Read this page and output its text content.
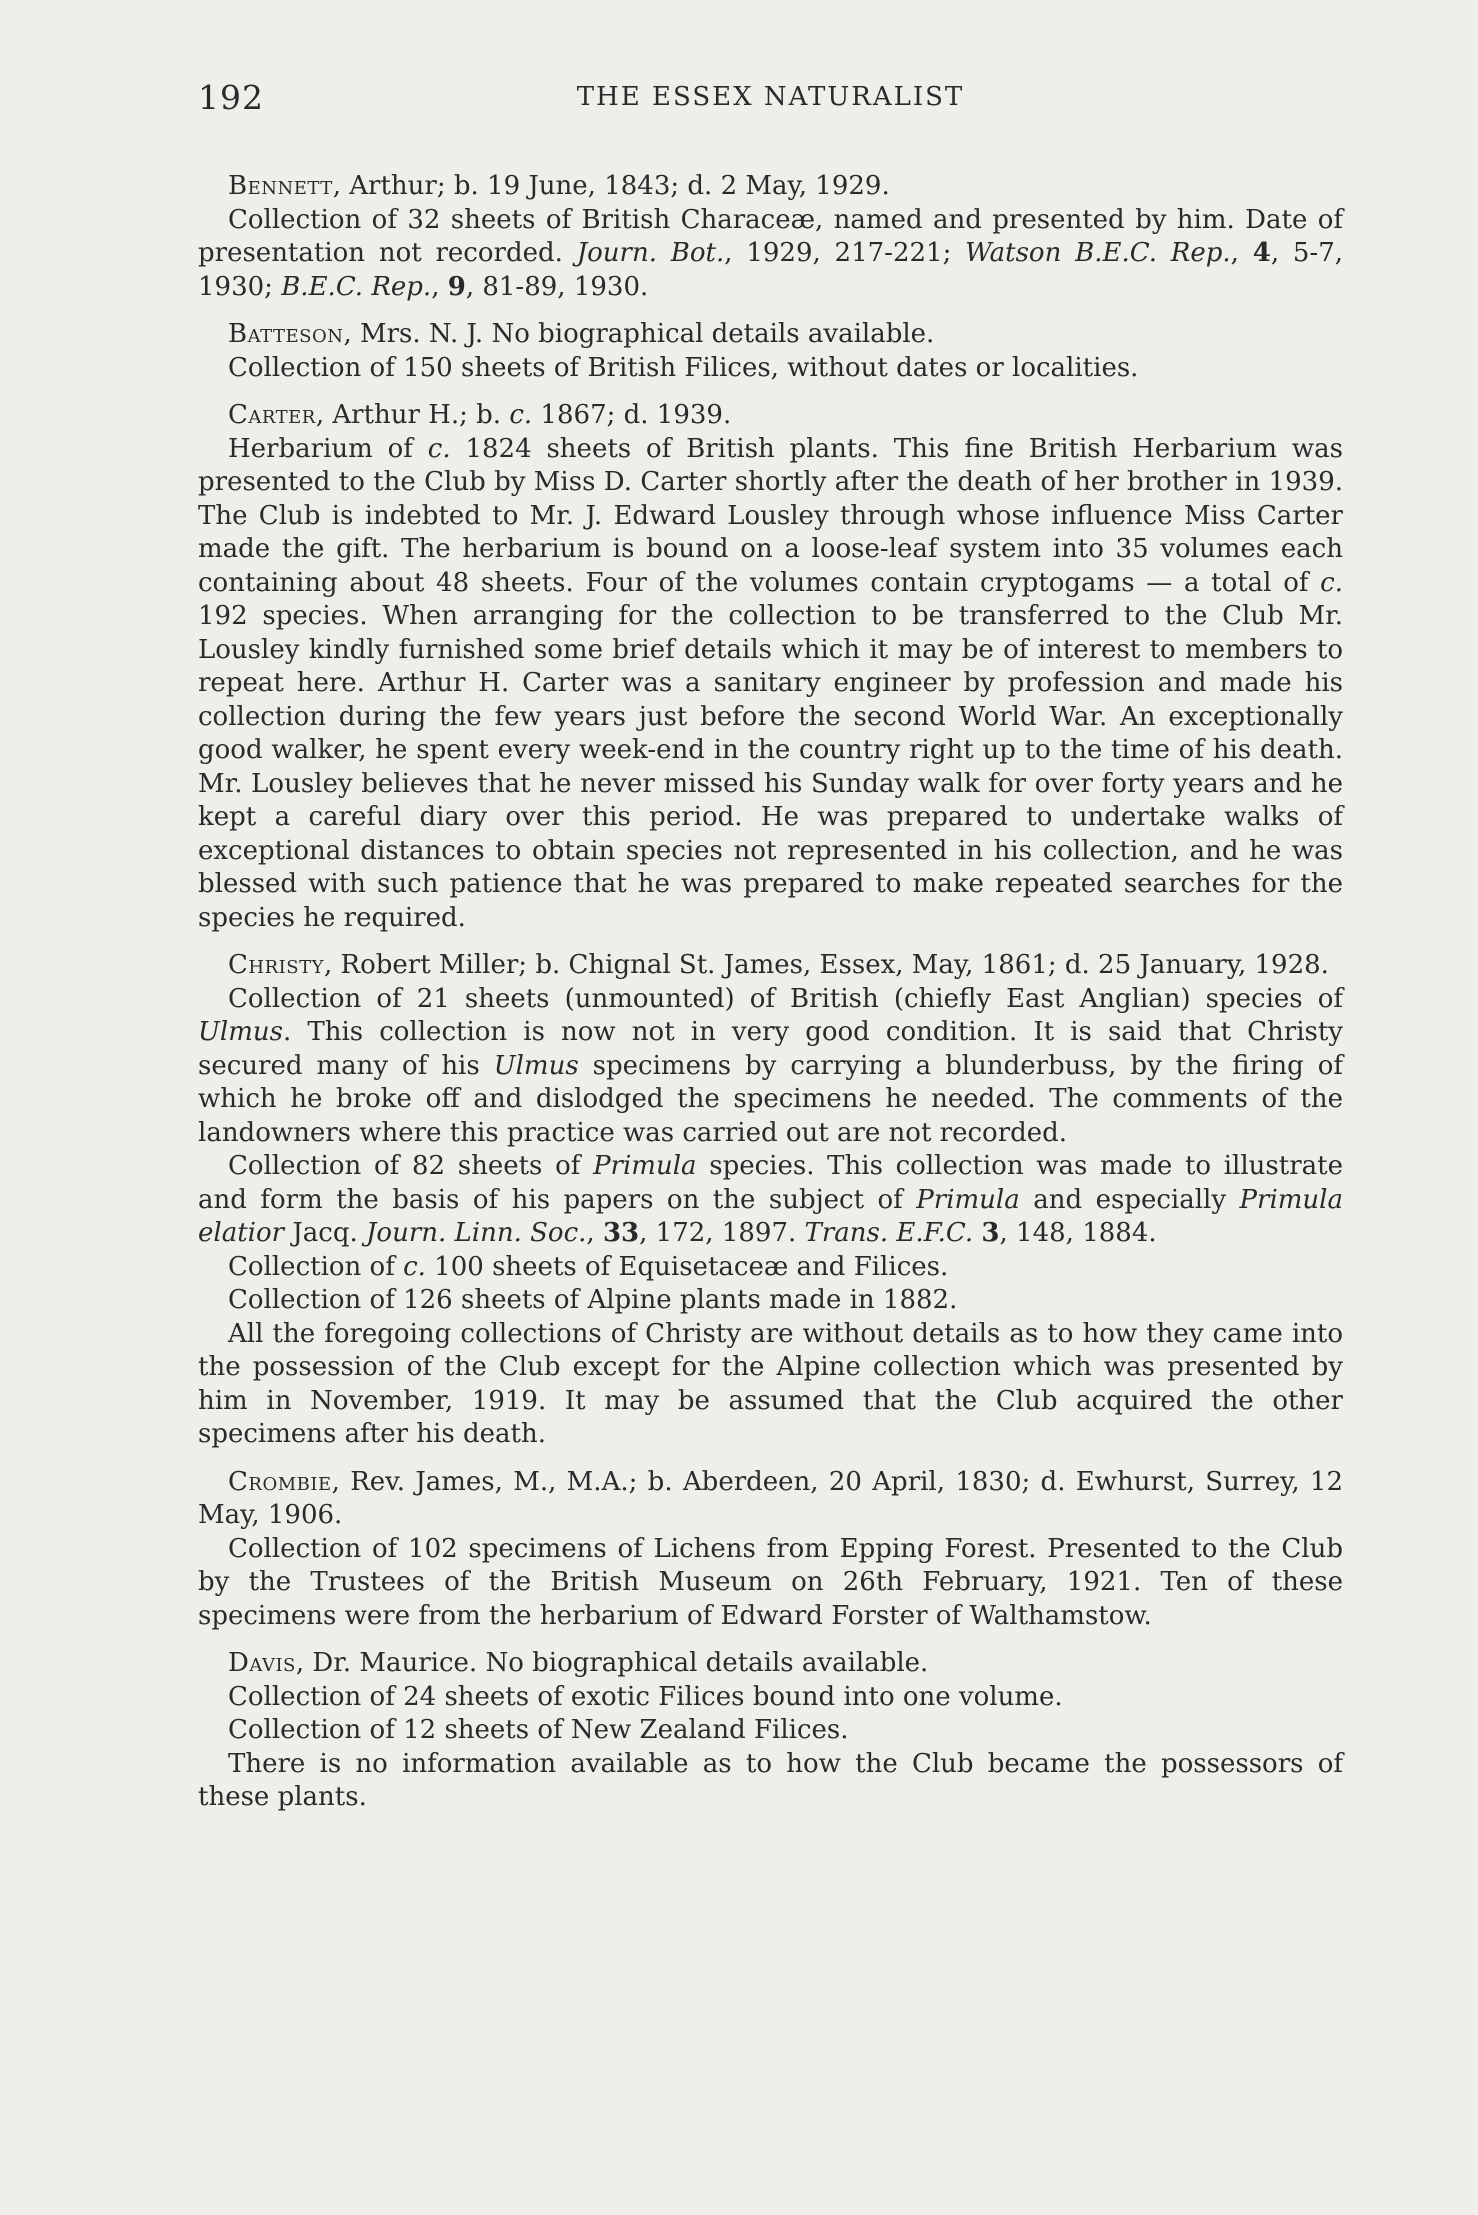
192	THE ESSEX NATURALIST

Bennett, Arthur; b. 19 June, 1843; d. 2 May, 1929.

Collection of 32 sheets of British Characeæ, named and presented by him. Date of presentation not recorded. Journ. Bot., 1929, 217-221; Watson B.E.C. Rep., 4, 5-7, 1930; B.E.C. Rep., 9, 81-89, 1930.

Batteson, Mrs. N. J. No biographical details available.

Collection of 150 sheets of British Filices, without dates or localities.

Carter, Arthur H.; b. c. 1867; d. 1939.

Herbarium of c. 1824 sheets of British plants. This fine British Herbarium was presented to the Club by Miss D. Carter shortly after the death of her brother in 1939. The Club is indebted to Mr. J. Edward Lousley through whose influence Miss Carter made the gift. The herbarium is bound on a loose-leaf system into 35 volumes each containing about 48 sheets. Four of the volumes contain cryptogams — a total of c. 192 species. When arranging for the collection to be transferred to the Club Mr. Lousley kindly furnished some brief details which it may be of interest to members to repeat here. Arthur H. Carter was a sanitary engineer by profession and made his collection during the few years just before the second World War. An exceptionally good walker, he spent every week-end in the country right up to the time of his death. Mr. Lousley believes that he never missed his Sunday walk for over forty years and he kept a careful diary over this period. He was prepared to undertake walks of exceptional distances to obtain species not represented in his collection, and he was blessed with such patience that he was prepared to make repeated searches for the species he required.

Christy, Robert Miller; b. Chignal St. James, Essex, May, 1861; d. 25 January, 1928.

Collection of 21 sheets (unmounted) of British (chiefly East Anglian) species of Ulmus. This collection is now not in very good condition. It is said that Christy secured many of his Ulmus specimens by carrying a blunderbuss, by the firing of which he broke off and dislodged the specimens he needed. The comments of the landowners where this practice was carried out are not recorded.

Collection of 82 sheets of Primula species. This collection was made to illustrate and form the basis of his papers on the subject of Primula and especially Primula elatior Jacq. Journ. Linn. Soc., 33, 172, 1897. Trans. E.F.C. 3, 148, 1884.

Collection of c. 100 sheets of Equisetaceæ and Filices.

Collection of 126 sheets of Alpine plants made in 1882.

All the foregoing collections of Christy are without details as to how they came into the possession of the Club except for the Alpine collection which was presented by him in November, 1919. It may be assumed that the Club acquired the other specimens after his death.

Crombie, Rev. James, M., M.A.; b. Aberdeen, 20 April, 1830; d. Ewhurst, Surrey, 12 May, 1906.

Collection of 102 specimens of Lichens from Epping Forest. Presented to the Club by the Trustees of the British Museum on 26th February, 1921. Ten of these specimens were from the herbarium of Edward Forster of Walthamstow.

Davis, Dr. Maurice. No biographical details available.

Collection of 24 sheets of exotic Filices bound into one volume.

Collection of 12 sheets of New Zealand Filices.

There is no information available as to how the Club became the possessors of these plants.
